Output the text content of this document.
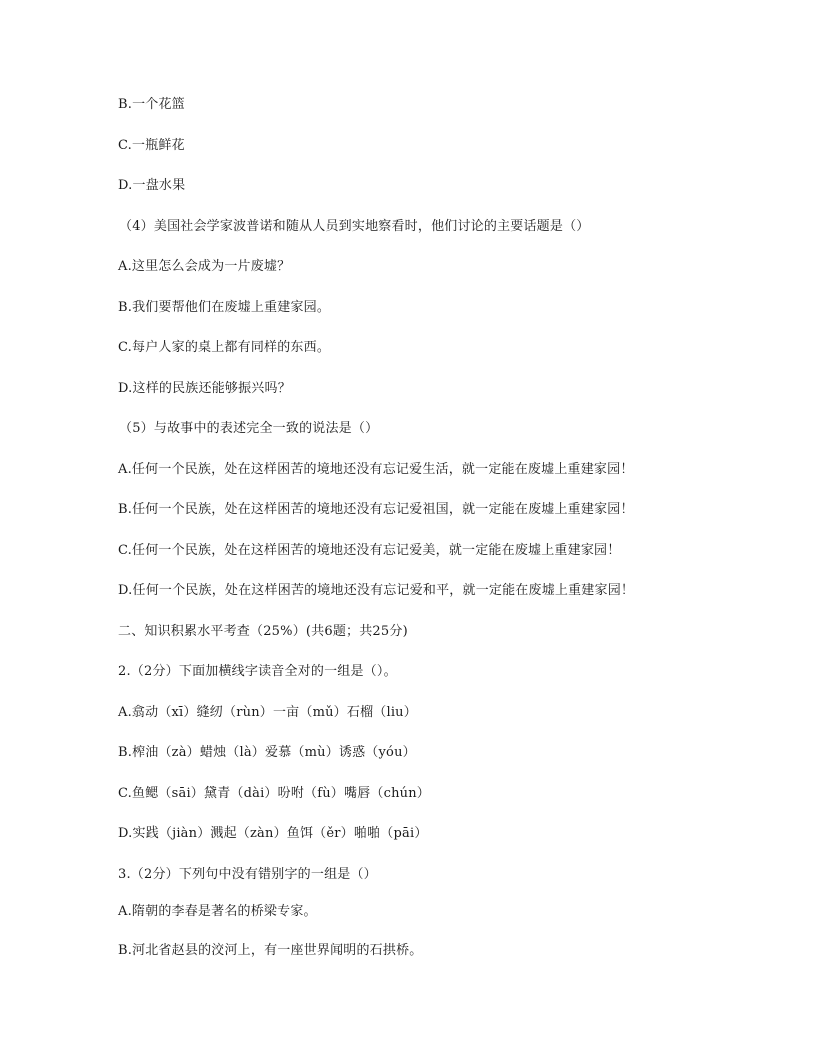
B.一个花篮
C.一瓶鲜花
D.一盘水果
（4）美国社会学家波普诺和随从人员到实地察看时，他们讨论的主要话题是（）
A.这里怎么会成为一片废墟？
B.我们要帮他们在废墟上重建家园。
C.每户人家的桌上都有同样的东西。
D.这样的民族还能够振兴吗？
（5）与故事中的表述完全一致的说法是（）
A.任何一个民族，处在这样困苦的境地还没有忘记爱生活，就一定能在废墟上重建家园！
B.任何一个民族，处在这样困苦的境地还没有忘记爱祖国，就一定能在废墟上重建家园！
C.任何一个民族，处在这样困苦的境地还没有忘记爱美，就一定能在废墟上重建家园！
D.任何一个民族，处在这样困苦的境地还没有忘记爱和平，就一定能在废墟上重建家园！
二、知识积累水平考查（25%）(共6题；共25分)
2.（2分）下面加横线字读音全对的一组是（）。
A.翕动（xī）缝纫（rùn）一亩（mǔ）石榴（liu）
B.榨油（zà）蜡烛（là）爱慕（mù）诱惑（yóu）
C.鱼鳃（sāi）黛青（dài）吩咐（fù）嘴唇（chún）
D.实践（jiàn）溅起（zàn）鱼饵（ěr）啪啪（pāi）
3.（2分）下列句中没有错别字的一组是（）
A.隋朝的李春是著名的桥梁专家。
B.河北省赵县的洨河上，有一座世界闻明的石拱桥。
